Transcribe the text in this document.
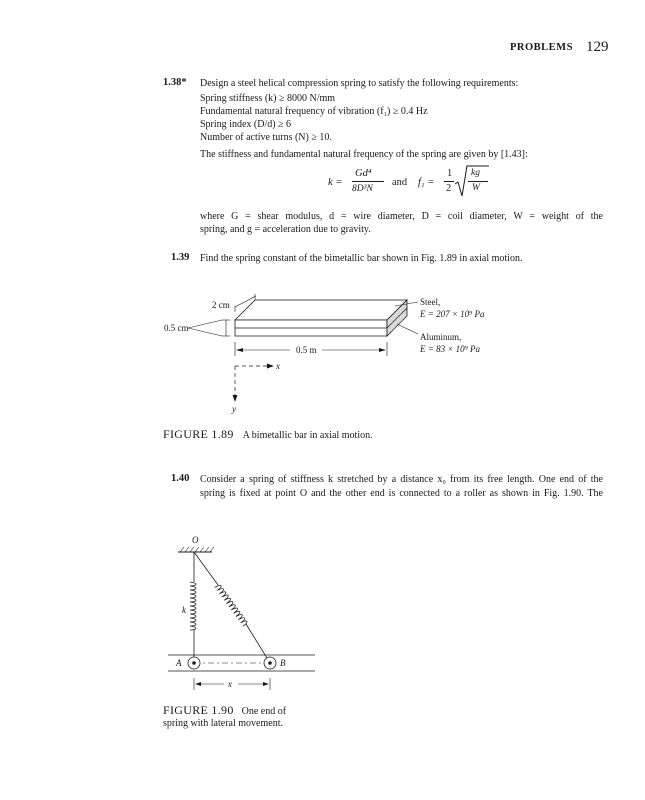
PROBLEMS 129
1.38* Design a steel helical compression spring to satisfy the following requirements:
Spring stiffness (k) ≥ 8000 N/mm
Fundamental natural frequency of vibration (f₁) ≥ 0.4 Hz
Spring index (D/d) ≥ 6
Number of active turns (N) ≥ 10.
The stiffness and fundamental natural frequency of the spring are given by [1.43]:
k =
Gd⁴
8D³N
and f₁ =
1
2
kg
W
where G = shear modulus, d = wire diameter, D = coil diameter, W = weight of the
spring, and g = acceleration due to gravity.
1.39 Find the spring constant of the bimetallic bar shown in Fig. 1.89 in axial motion.
2 cm
0.5 cm
0.5 m
Steel,
E = 207 × 10⁹ Pa
Aluminum,
E = 83 × 10⁹ Pa
x
y
FIGURE 1.89 A bimetallic bar in axial motion.
1.40 Consider a spring of stiffness k stretched by a distance x₀ from its free length. One end of the
spring is fixed at point O and the other end is connected to a roller as shown in Fig. 1.90. The
O
k
A	B
x
FIGURE 1.90 One end of
spring with lateral movement.
